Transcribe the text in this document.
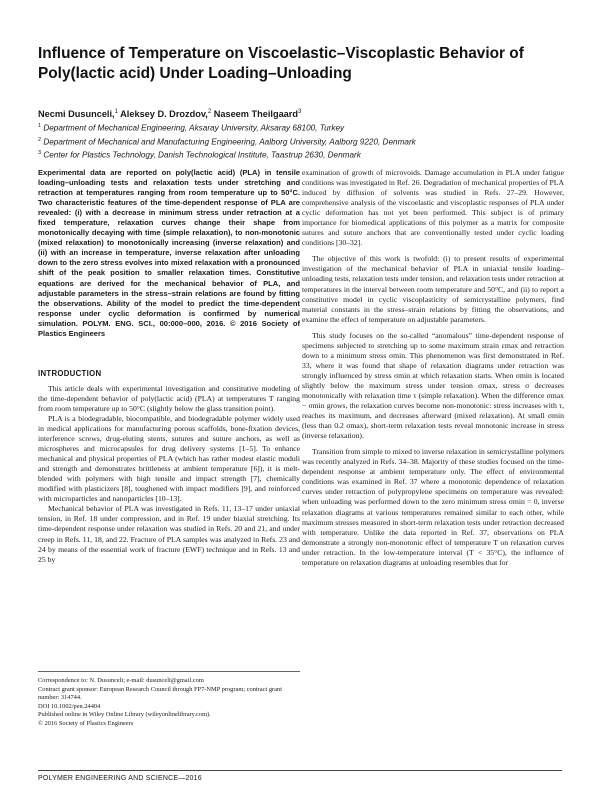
Influence of Temperature on Viscoelastic–Viscoplastic Behavior of Poly(lactic acid) Under Loading–Unloading

Necmi Dusunceli,$^1$ Aleksey D. Drozdov,$^2$ Naseem Theilgaard$^3$

$^1$ Department of Mechanical Engineering, Aksaray University, Aksaray 68100, Turkey

$^2$ Department of Mechanical and Manufacturing Engineering, Aalborg University, Aalborg 9220, Denmark

$^3$ Center for Plastics Technology, Danish Technological Institute, Taastrup 2630, Denmark

Experimental data are reported on poly(lactic acid) (PLA) in tensile loading–unloading tests and relaxation tests under stretching and retraction at temperatures ranging from room temperature up to 50°C. Two characteristic features of the time-dependent response of PLA are revealed: (i) with a decrease in minimum stress under retraction at a fixed temperature, relaxation curves change their shape from monotonically decaying with time (simple relaxation), to non-monotonic (mixed relaxation) to monotonically increasing (inverse relaxation) and (ii) with an increase in temperature, inverse relaxation after unloading down to the zero stress evolves into mixed relaxation with a pronounced shift of the peak position to smaller relaxation times. Constitutive equations are derived for the mechanical behavior of PLA, and adjustable parameters in the stress–strain relations are found by fitting the observations. Ability of the model to predict the time-dependent response under cyclic deformation is confirmed by numerical simulation. POLYM. ENG. SCI., 00:000–000, 2016. © 2016 Society of Plastics Engineers

INTRODUCTION

This article deals with experimental investigation and constitutive modeling of the time-dependent behavior of poly(lactic acid) (PLA) at temperatures T ranging from room temperature up to 50°C (slightly below the glass transition point).

PLA is a biodegradable, biocompatible, and biodegradable polymer widely used in medical applications for manufacturing porous scaffolds, bone-fixation devices, interference screws, drug-eluting stents, sutures and suture anchors, as well as microspheres and microcapsules for drug delivery systems [1–5]. To enhance mechanical and physical properties of PLA (which has rather modest elastic moduli and strength and demonstrates brittleness at ambient temperature [6]), it is melt-blended with polymers with high tensile and impact strength [7], chemically modified with plasticizers [8], toughened with impact modifiers [9], and reinforced with microparticles and nanoparticles [10–13].

Mechanical behavior of PLA was investigated in Refs. 11, 13–17 under uniaxial tension, in Ref. 18 under compression, and in Ref. 19 under biaxial stretching. Its time-dependent response under relaxation was studied in Refs. 20 and 21, and under creep in Refs. 11, 18, and 22. Fracture of PLA samples was analyzed in Refs. 23 and 24 by means of the essential work of fracture (EWF) technique and in Refs. 13 and 25 by

examination of growth of microvoids. Damage accumulation in PLA under fatigue conditions was investigated in Ref. 26. Degradation of mechanical properties of PLA induced by diffusion of solvents was studied in Refs. 27–29. However, comprehensive analysis of the viscoelastic and viscoplastic responses of PLA under cyclic deformation has not yet been performed. This subject is of primary importance for biomedical applications of this polymer as a matrix for composite sutures and suture anchors that are conventionally tested under cyclic loading conditions [30–32].

The objective of this work is twofold: (i) to present results of experimental investigation of the mechanical behavior of PLA in uniaxial tensile loading–unloading tests, relaxation tests under tension, and relaxation tests under retraction at temperatures in the interval between room temperature and 50°C, and (ii) to report a constitutive model in cyclic viscoplasticity of semicrystalline polymers, find material constants in the stress–strain relations by fitting the observations, and examine the effect of temperature on adjustable parameters.

This study focuses on the so-called “anomalous” time-dependent response of specimens subjected to stretching up to some maximum strain εmax and retraction down to a minimum stress σmin. This phenomenon was first demonstrated in Ref. 33, where it was found that shape of relaxation diagrams under retraction was strongly influenced by stress σmin at which relaxation starts. When σmin is located slightly below the maximum stress under tension σmax, stress σ decreases monotonically with relaxation time τ (simple relaxation). When the difference σmax − σmin grows, the relaxation curves become non-monotonic: stress increases with τ, reaches its maximum, and decreases afterward (mixed relaxation). At small σmin (less than 0.2 σmax), short-term relaxation tests reveal monotonic increase in stress (inverse relaxation).

Transition from simple to mixed to inverse relaxation in semicrystalline polymers was recently analyzed in Refs. 34–38. Majority of these studies focused on the time-dependent response at ambient temperature only. The effect of environmental conditions was examined in Ref. 37 where a monotonic dependence of relaxation curves under retraction of polypropylene specimens on temperature was revealed: when unloading was performed down to the zero minimum stress σmin = 0, inverse relaxation diagrams at various temperatures remained similar to each other, while maximum stresses measured in short-term relaxation tests under retraction decreased with temperature. Unlike the data reported in Ref. 37, observations on PLA demonstrate a strongly non-monotonic effect of temperature T on relaxation curves under retraction. In the low-temperature interval (T < 35°C), the influence of temperature on relaxation diagrams at unloading resembles that for

Correspondence to: N. Dusunceli; e-mail: dusunceli@gmail.com

Contract grant sponsor: European Research Council through FP7-NMP program; contract grant number: 314744.

DOI 10.1002/pen.24404

Published online in Wiley Online Library (wileyonlinelibrary.com).

© 2016 Society of Plastics Engineers

POLYMER ENGINEERING AND SCIENCE—2016
